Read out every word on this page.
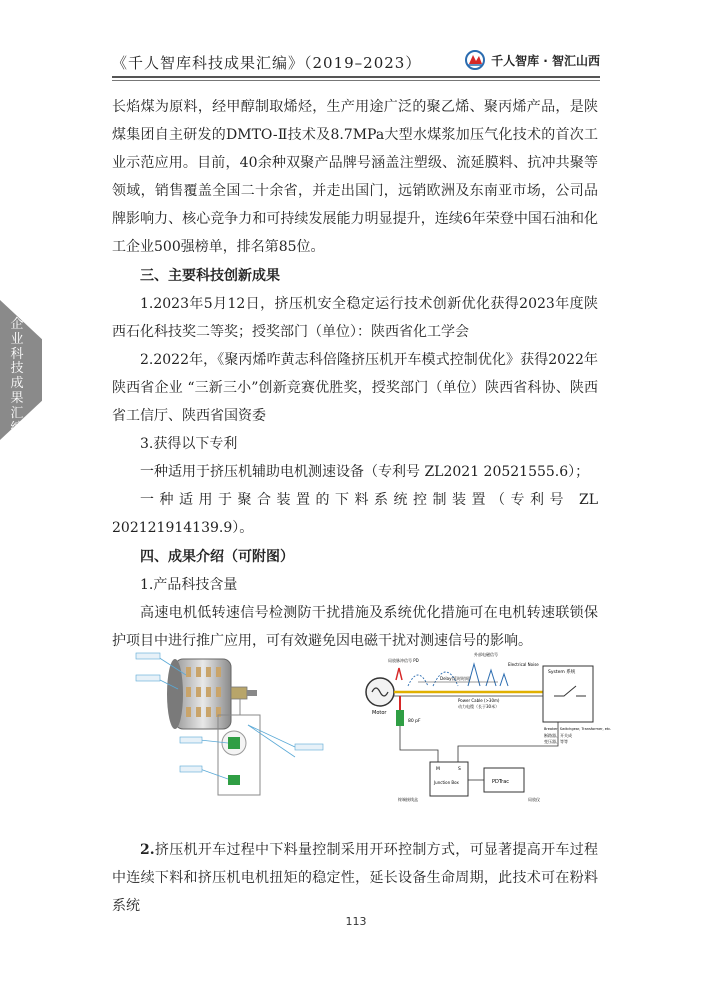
《千人智库科技成果汇编》（2019–2023）	千人智库 · 智汇山西
企业科技成果汇编

长焰煤为原料，经甲醇制取烯烃，生产用途广泛的聚乙烯、聚丙烯产品，是陕煤集团自主研发的DMTO-Ⅱ技术及8.7MPa大型水煤浆加压气化技术的首次工业示范应用。目前，40余种双聚产品牌号涵盖注塑级、流延膜料、抗冲共聚等领域，销售覆盖全国二十余省，并走出国门，远销欧洲及东南亚市场，公司品牌影响力、核心竞争力和可持续发展能力明显提升，连续6年荣登中国石油和化工企业500强榜单，排名第85位。

三、主要科技创新成果

1.2023年5月12日，挤压机安全稳定运行技术创新优化获得2023年度陕西石化科技奖二等奖；授奖部门（单位）：陕西省化工学会

2.2022年，《聚丙烯咋黄志科倍隆挤压机开车模式控制优化》获得2022年陕西省企业 “三新三小”创新竞赛优胜奖，授奖部门（单位）陕西省科协、陕西省工信厅、陕西省国资委

3.获得以下专利

一种适用于挤压机辅助电机测速设备（专利号 ZL2021 20521555.6）；

一种适用于聚合装置的下料系统控制装置（专利号 ZL 202121914139.9）。

四、成果介绍（可附图）

1.产品科技含量

高速电机低转速信号检测防干扰措施及系统优化措施可在电机转速联锁保护项目中进行推广应用，可有效避免因电磁干扰对测速信号的影响。

Motor
Power Cable (>30m)
动力电缆（长于30米）
局放脉冲信号 PD
外部电磁信号
Electrical Noise
Delay(延时时间)
System 系统
Breaker, Switchgear, Transformer, etc.
断路器、开关成
变压器、等等
80 pF
M	S
Junction Box
终端接线盒
PDTrac
局放仪

2.挤压机开车过程中下料量控制采用开环控制方式，可显著提高开车过程中连续下料和挤压机电机扭矩的稳定性，延长设备生命周期，此技术可在粉料系统

113
